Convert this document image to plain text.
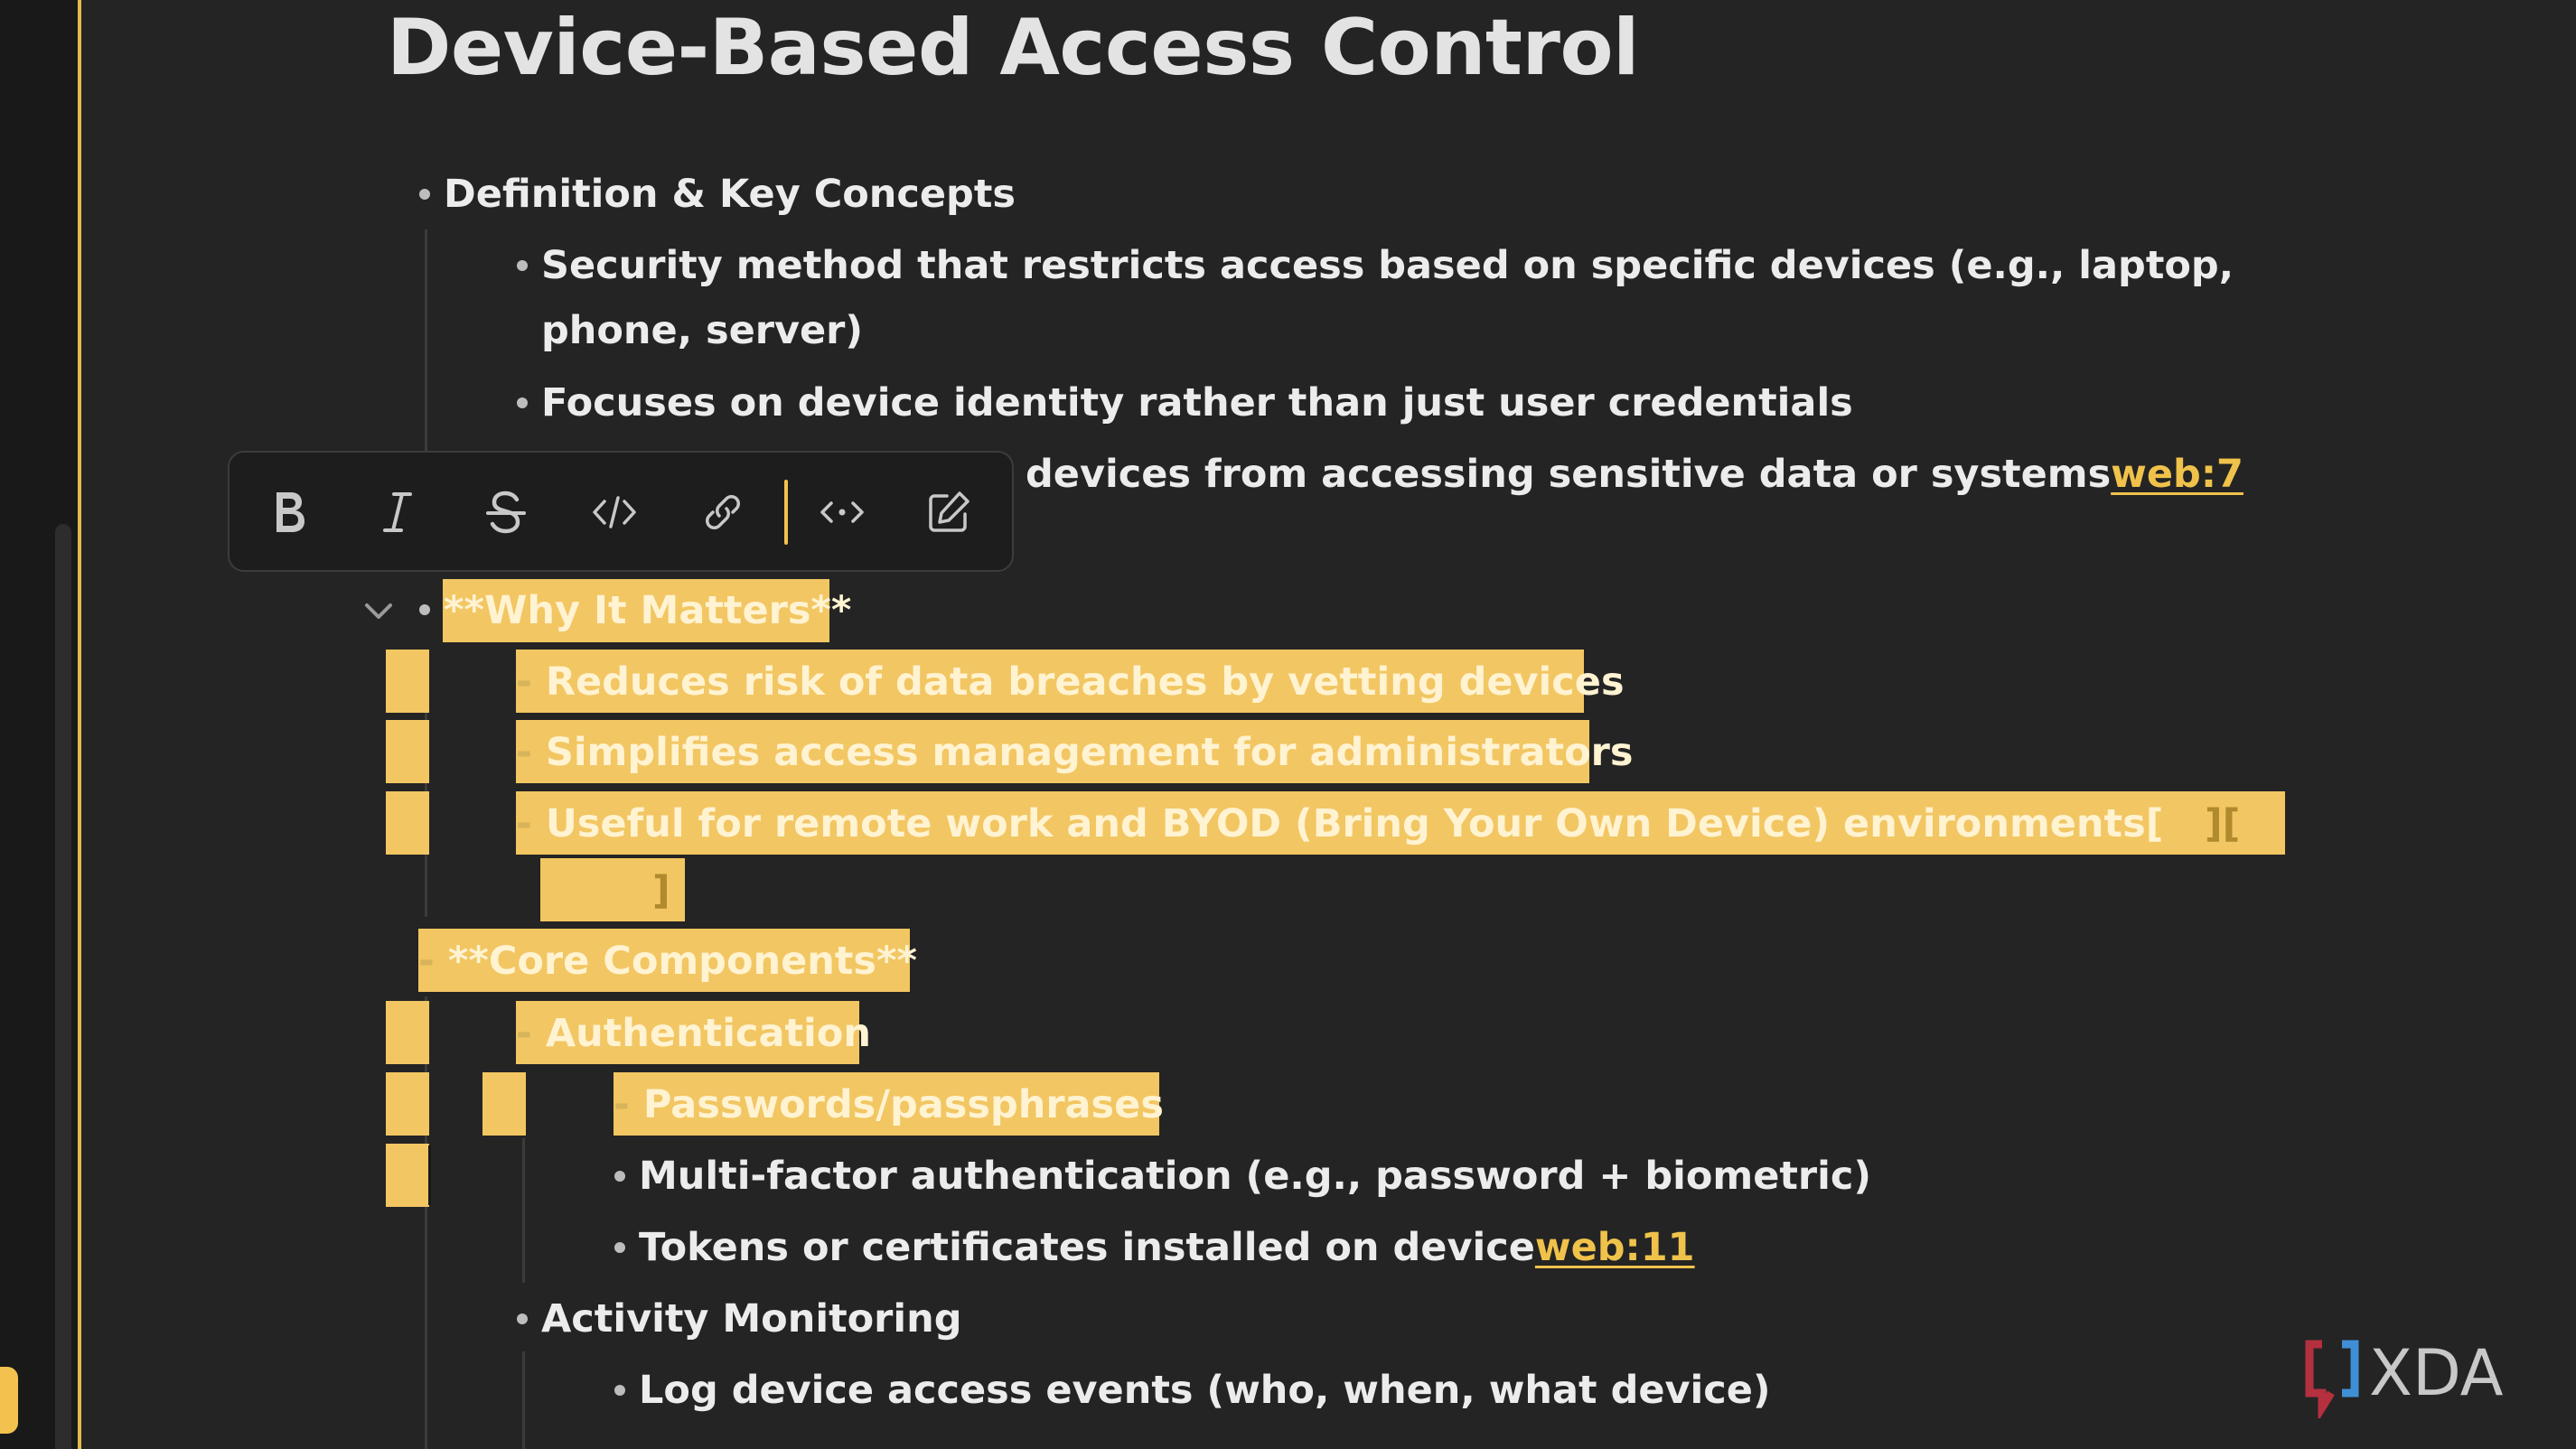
Device-Based Access Control
Definition & Key Concepts
Security method that restricts access based on specific devices (e.g., laptop,
phone, server)
Focuses on device identity rather than just user credentials
devices from accessing sensitive data or systemsweb:7
**Why It Matters**
- Reduces risk of data breaches by vetting devices
- Simplifies access management for administrators
- Useful for remote work and BYOD (Bring Your Own Device) environments[ ][
]
- **Core Components**
- Authentication
- Passwords/passphrases
Multi-factor authentication (e.g., password + biometric)
Tokens or certificates installed on deviceweb:11
Activity Monitoring
Log device access events (who, when, what device)	XDA
